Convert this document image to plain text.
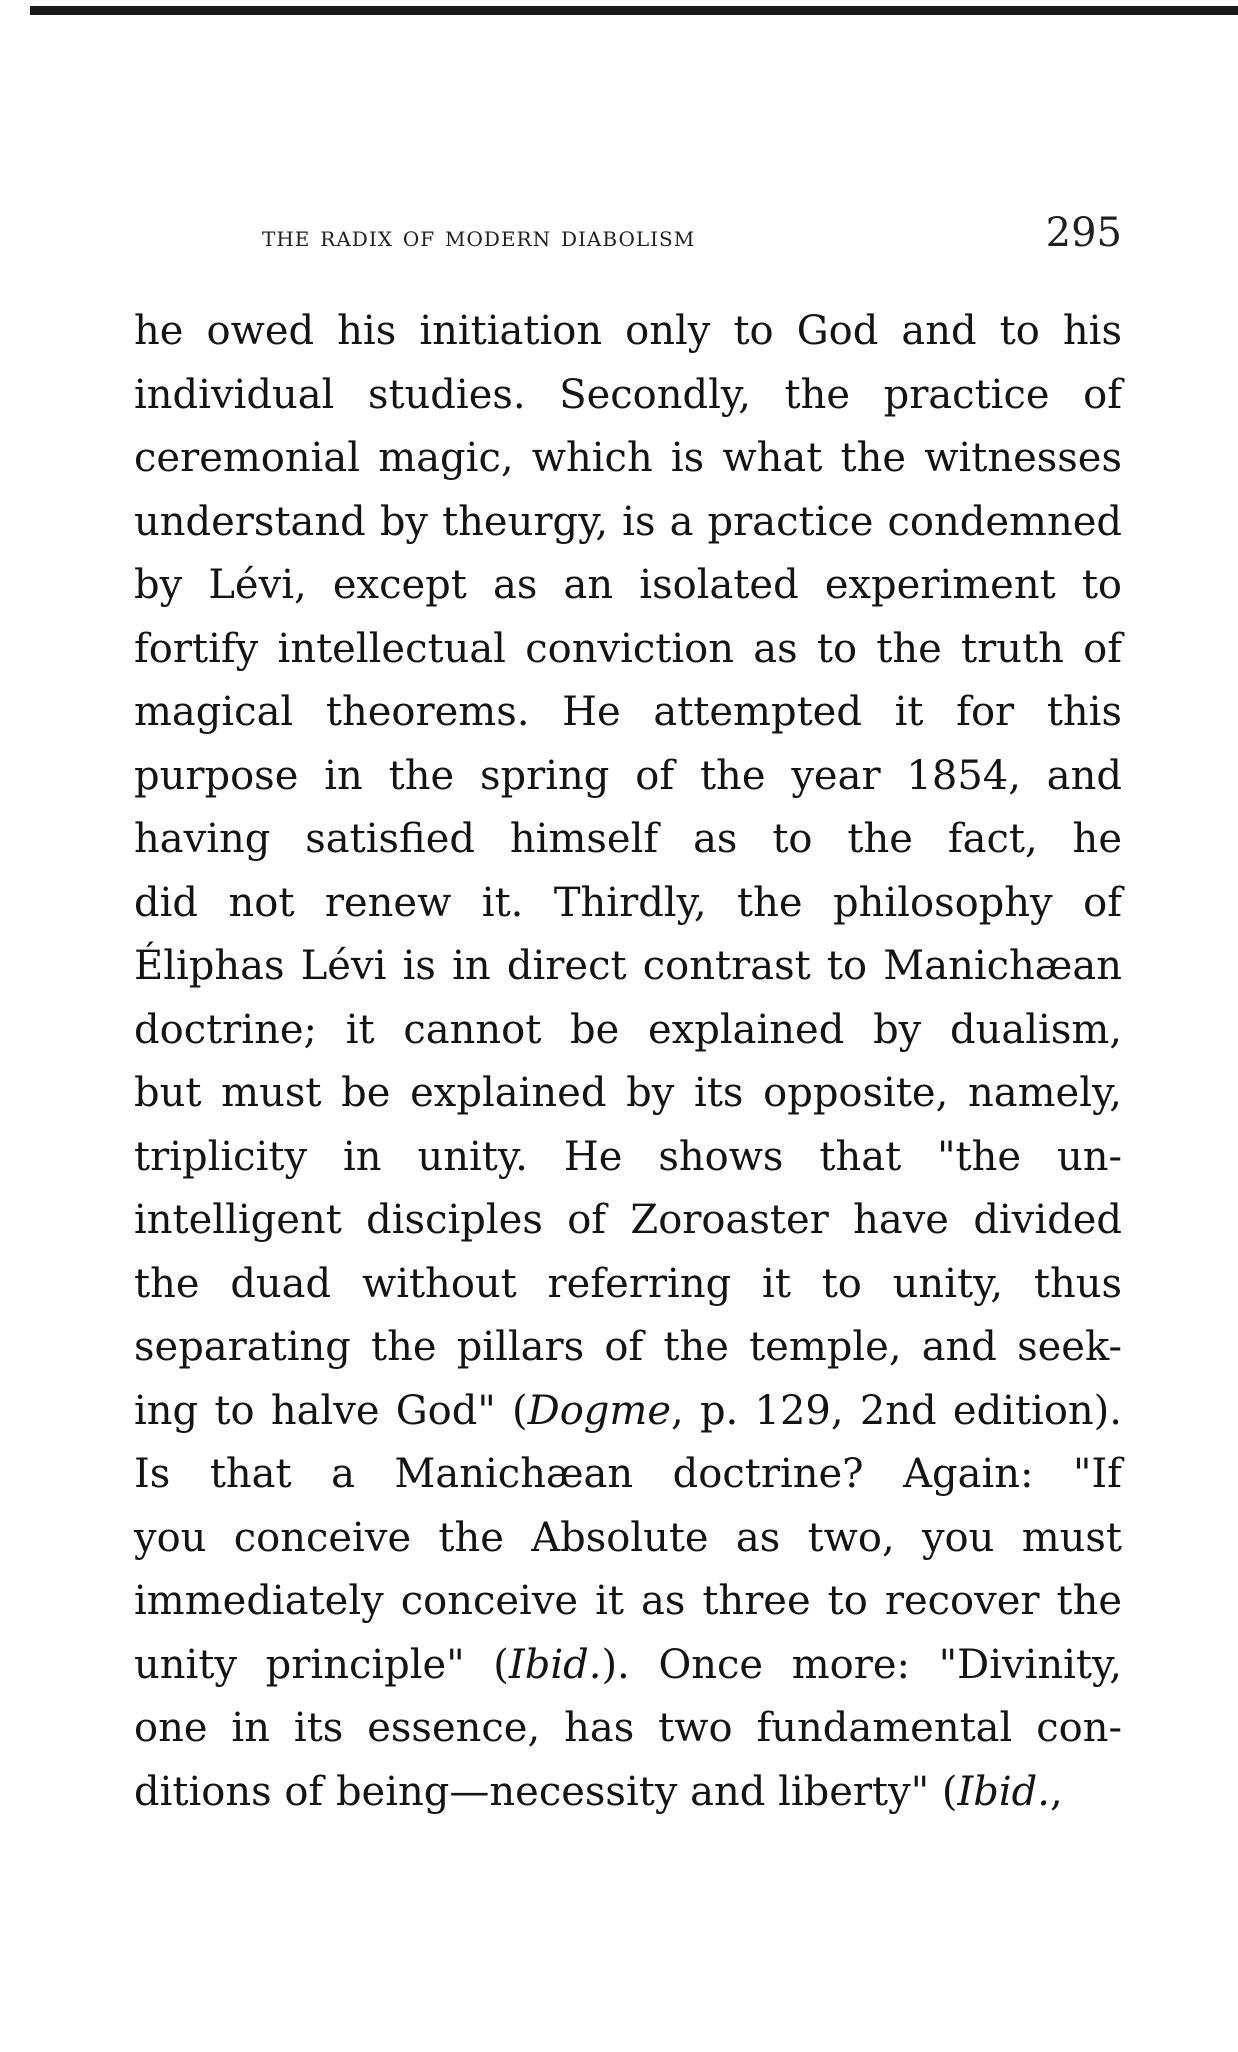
the radix of modern diabolism	295
he owed his initiation only to God and to his
individual studies. Secondly, the practice of
ceremonial magic, which is what the witnesses
understand by theurgy, is a practice condemned
by Lévi, except as an isolated experiment to
fortify intellectual conviction as to the truth of
magical theorems. He attempted it for this
purpose in the spring of the year 1854, and
having satisfied himself as to the fact, he
did not renew it. Thirdly, the philosophy of
Éliphas Lévi is in direct contrast to Manichæan
doctrine; it cannot be explained by dualism,
but must be explained by its opposite, namely,
triplicity in unity. He shows that "the un-
intelligent disciples of Zoroaster have divided
the duad without referring it to unity, thus
separating the pillars of the temple, and seek-
ing to halve God" (Dogme, p. 129, 2nd edition).
Is that a Manichæan doctrine? Again: "If
you conceive the Absolute as two, you must
immediately conceive it as three to recover the
unity principle" (Ibid.). Once more: "Divinity,
one in its essence, has two fundamental con-
ditions of being—necessity and liberty" (Ibid.,
